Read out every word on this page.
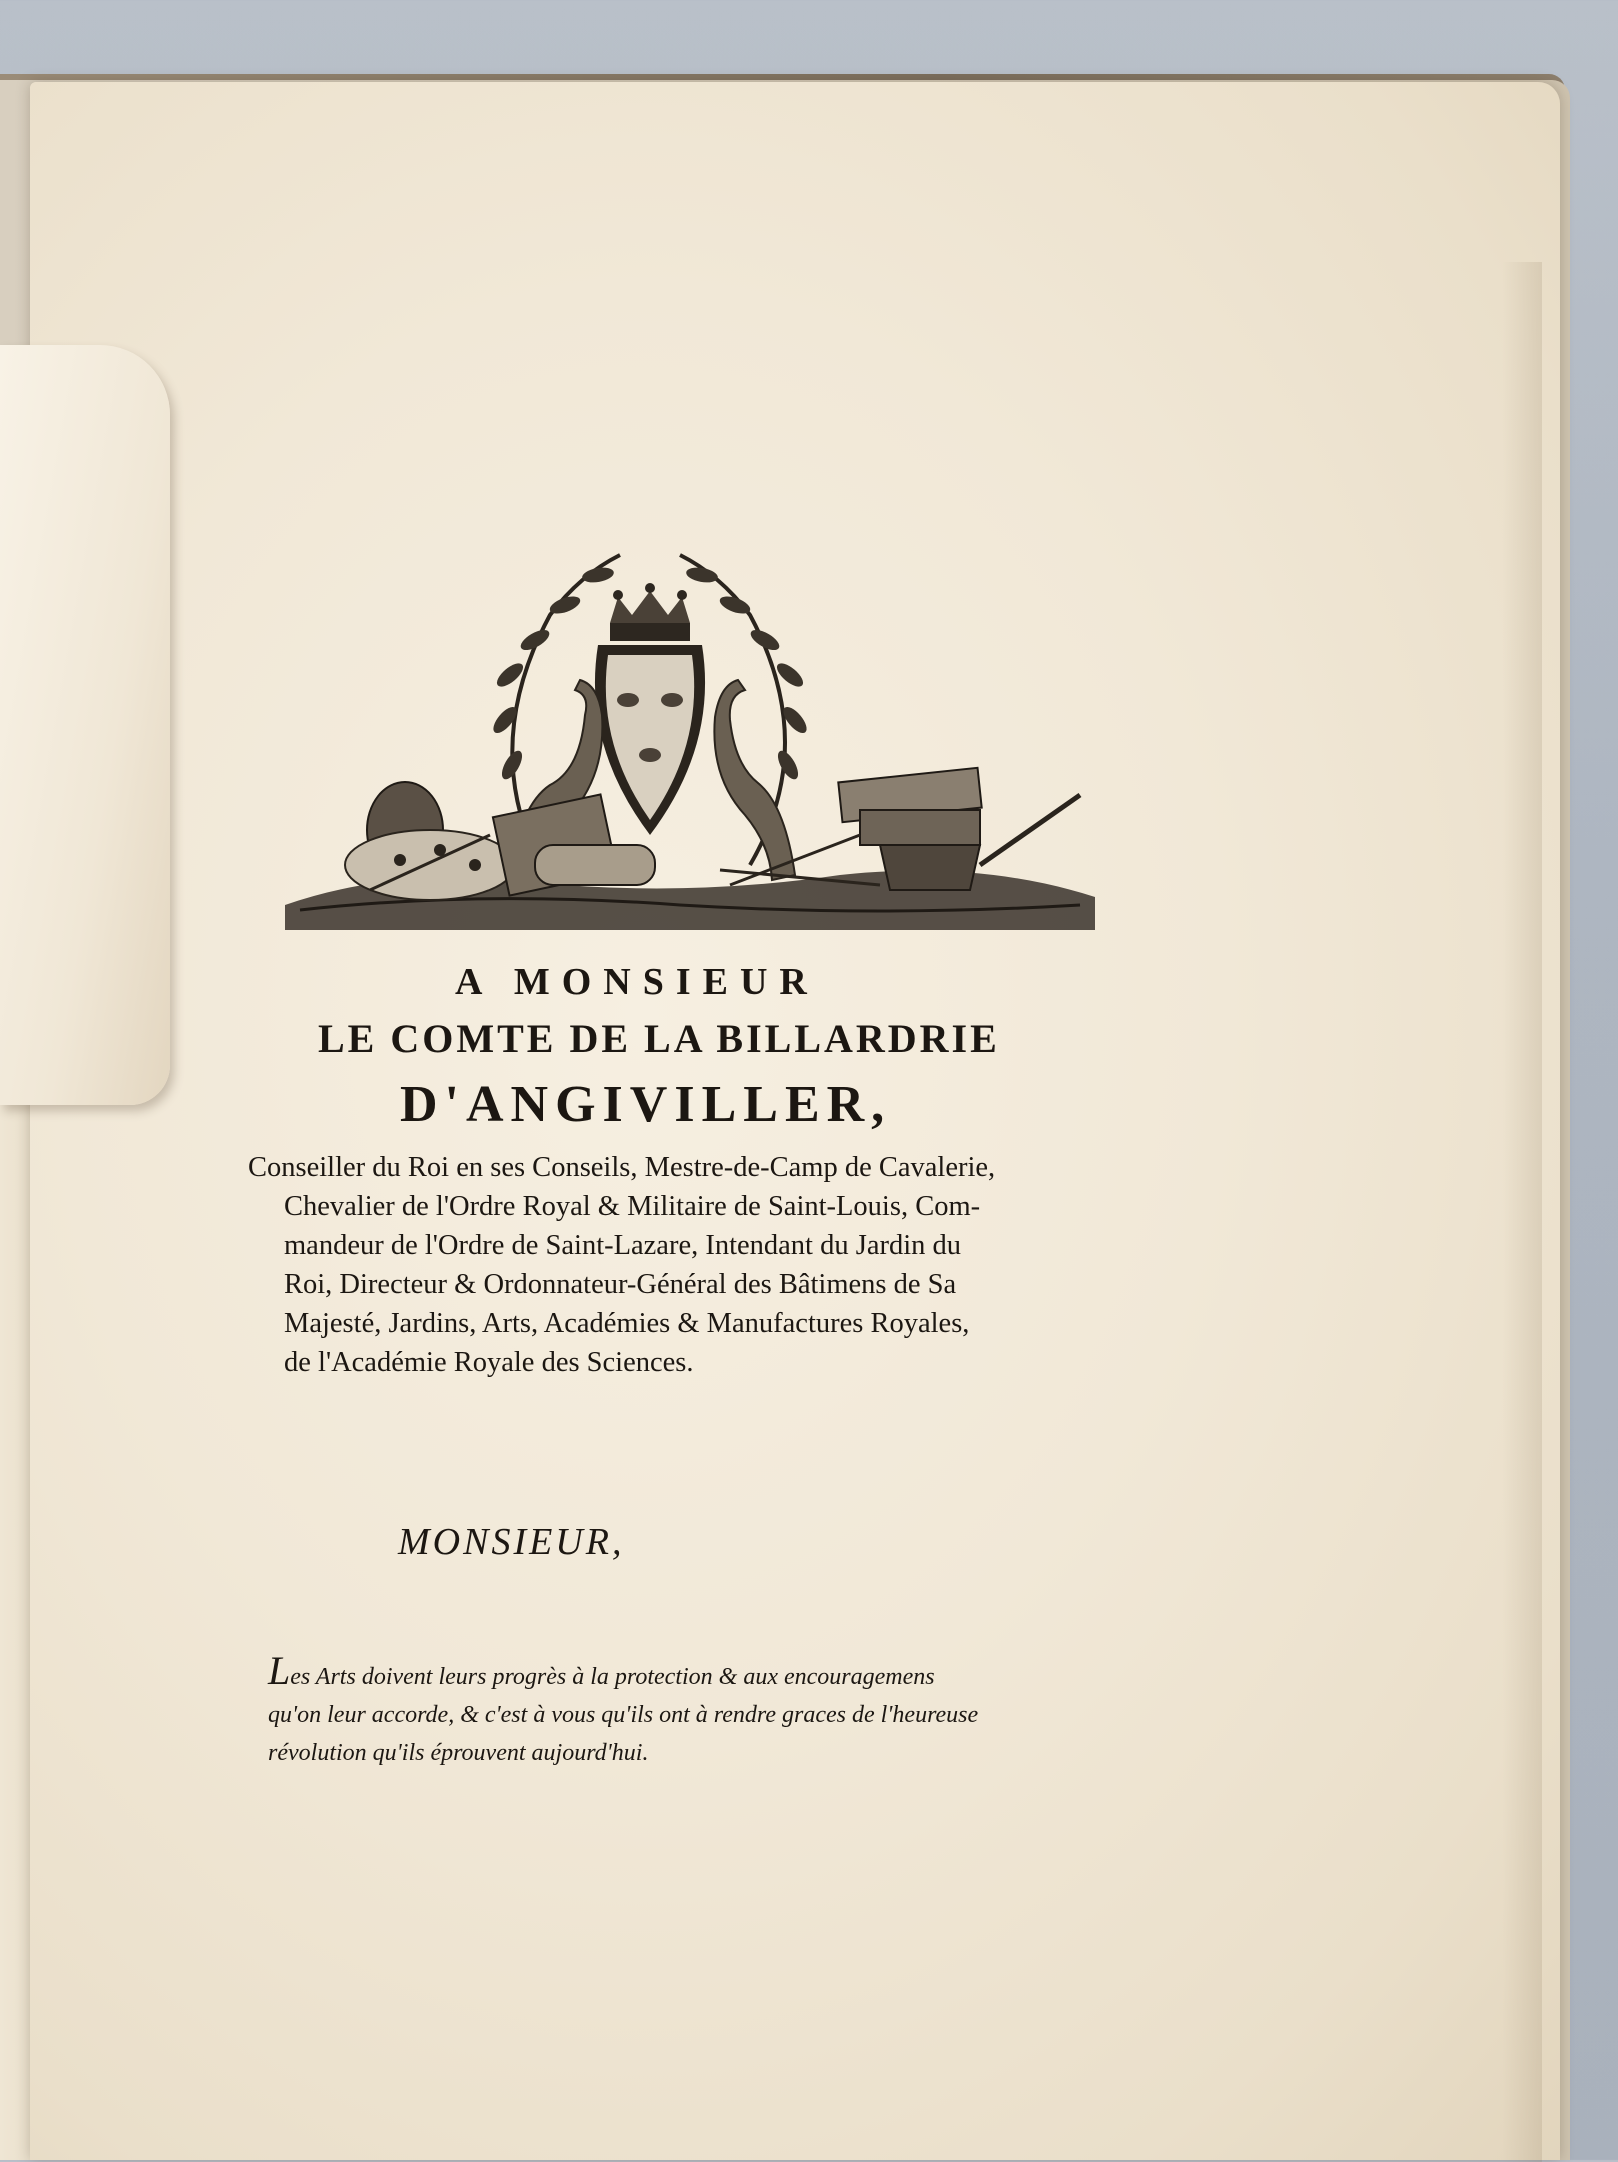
A MONSIEUR
LE COMTE DE LA BILLARDRIE
D'ANGIVILLER,
Conseiller du Roi en ses Conseils, Mestre-de-Camp de Cavalerie,
Chevalier de l'Ordre Royal & Militaire de Saint-Louis, Com-
mandeur de l'Ordre de Saint-Lazare, Intendant du Jardin du
Roi, Directeur & Ordonnateur-Général des Bâtimens de Sa
Majesté, Jardins, Arts, Académies & Manufactures Royales,
de l'Académie Royale des Sciences.
MONSIEUR,
Les Arts doivent leurs progrès à la protection & aux encouragemens
qu'on leur accorde, & c'est à vous qu'ils ont à rendre graces de l'heureuse
révolution qu'ils éprouvent aujourd'hui.
